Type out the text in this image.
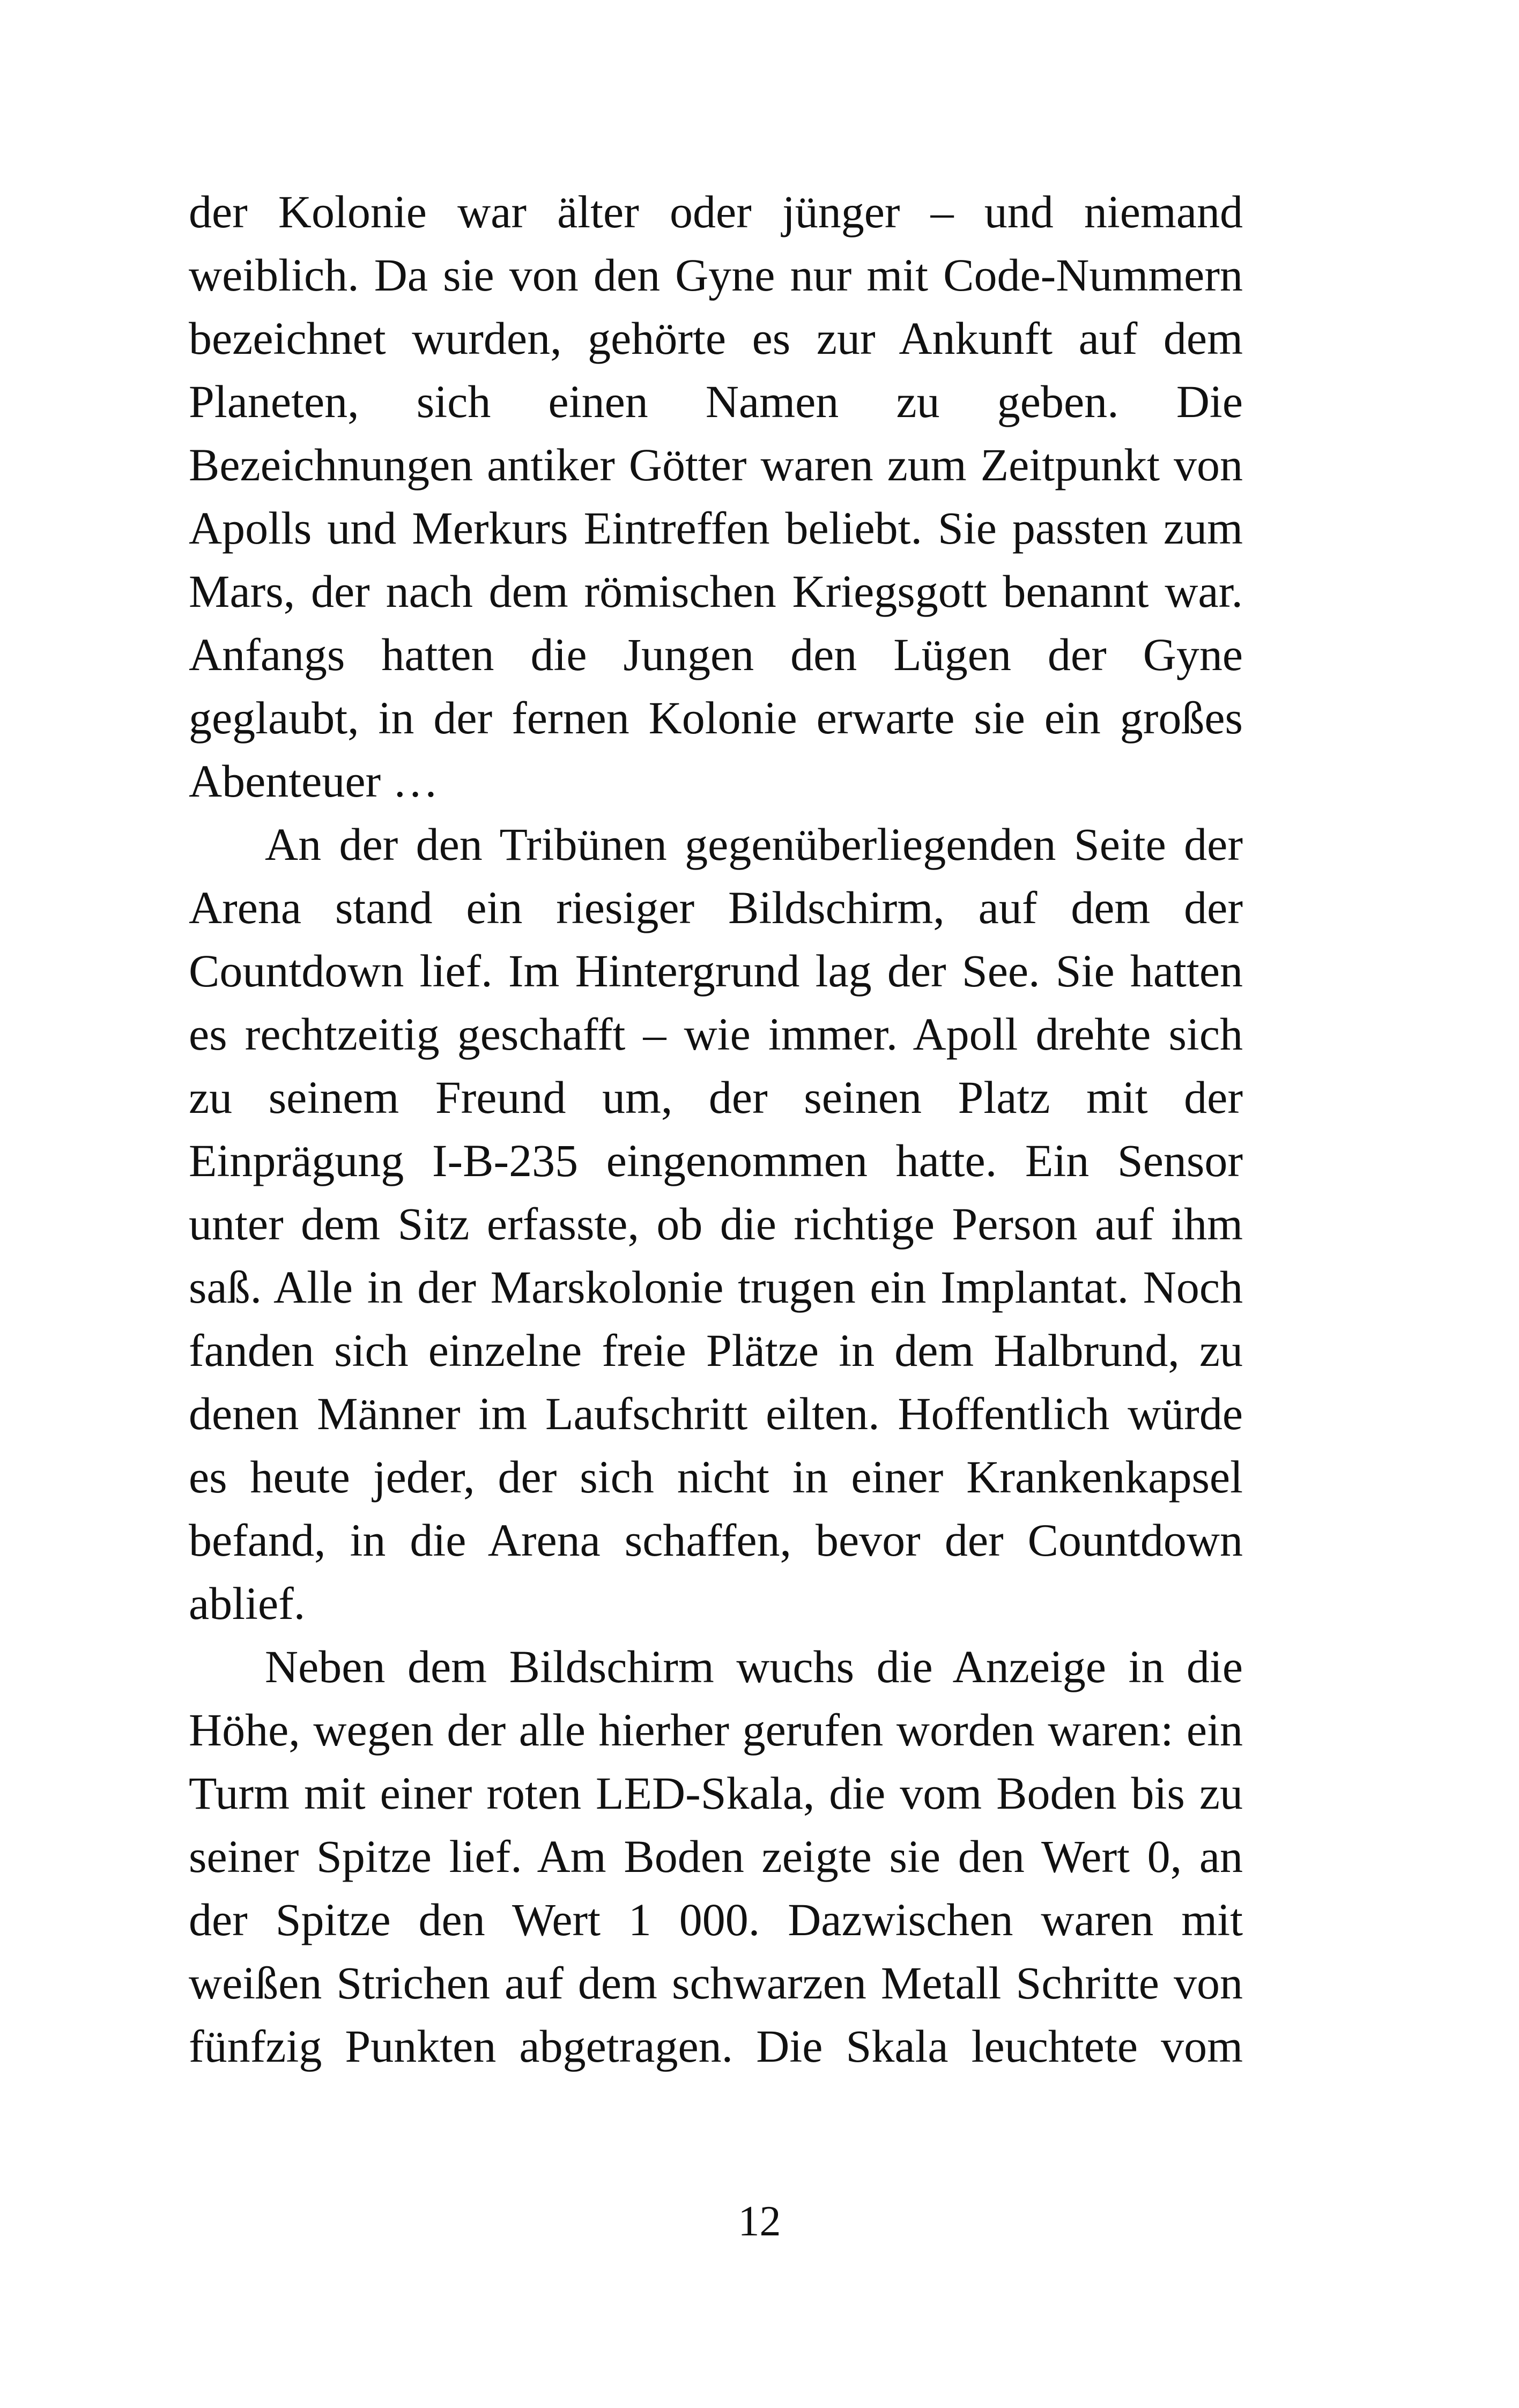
der Kolonie war älter oder jünger – und niemand
weiblich. Da sie von den Gyne nur mit Code-Nummern
bezeichnet wurden, gehörte es zur Ankunft auf dem
Planeten, sich einen Namen zu geben. Die
Bezeichnungen antiker Götter waren zum Zeitpunkt von
Apolls und Merkurs Eintreffen beliebt. Sie passten zum
Mars, der nach dem römischen Kriegsgott benannt war.
Anfangs hatten die Jungen den Lügen der Gyne
geglaubt, in der fernen Kolonie erwarte sie ein großes
Abenteuer …
An der den Tribünen gegenüberliegenden Seite der
Arena stand ein riesiger Bildschirm, auf dem der
Countdown lief. Im Hintergrund lag der See. Sie hatten
es rechtzeitig geschafft – wie immer. Apoll drehte sich
zu seinem Freund um, der seinen Platz mit der
Einprägung I-B-235 eingenommen hatte. Ein Sensor
unter dem Sitz erfasste, ob die richtige Person auf ihm
saß. Alle in der Marskolonie trugen ein Implantat. Noch
fanden sich einzelne freie Plätze in dem Halbrund, zu
denen Männer im Laufschritt eilten. Hoffentlich würde
es heute jeder, der sich nicht in einer Krankenkapsel
befand, in die Arena schaffen, bevor der Countdown
ablief.
Neben dem Bildschirm wuchs die Anzeige in die
Höhe, wegen der alle hierher gerufen worden waren: ein
Turm mit einer roten LED-Skala, die vom Boden bis zu
seiner Spitze lief. Am Boden zeigte sie den Wert 0, an
der Spitze den Wert 1 000. Dazwischen waren mit
weißen Strichen auf dem schwarzen Metall Schritte von
fünfzig Punkten abgetragen. Die Skala leuchtete vom
12
